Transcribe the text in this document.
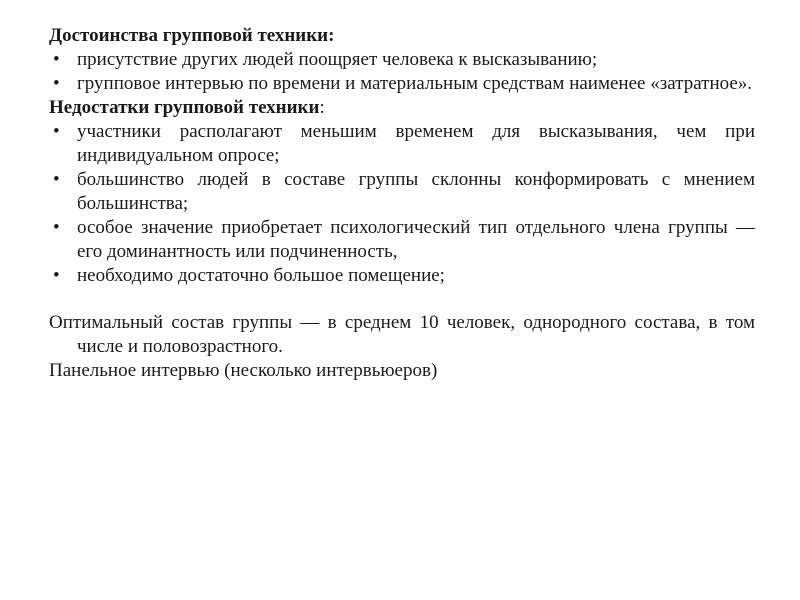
Достоинства групповой техники:

• присутствие других людей поощряет человека к высказыванию;
• групповое интервью по времени и материальным средствам наименее «затратное».

Недостатки групповой техники:

• участники располагают меньшим временем для высказывания, чем при индивидуальном опросе;
• большинство людей в составе группы склонны конформировать с мнением большинства;
• особое значение приобретает психологический тип отдельного члена группы — его доминантность или подчиненность,
• необходимо достаточно большое помещение;

Оптимальный состав группы — в среднем 10 человек, однородного состава, в том числе и половозрастного.

Панельное интервью (несколько интервьюеров)
